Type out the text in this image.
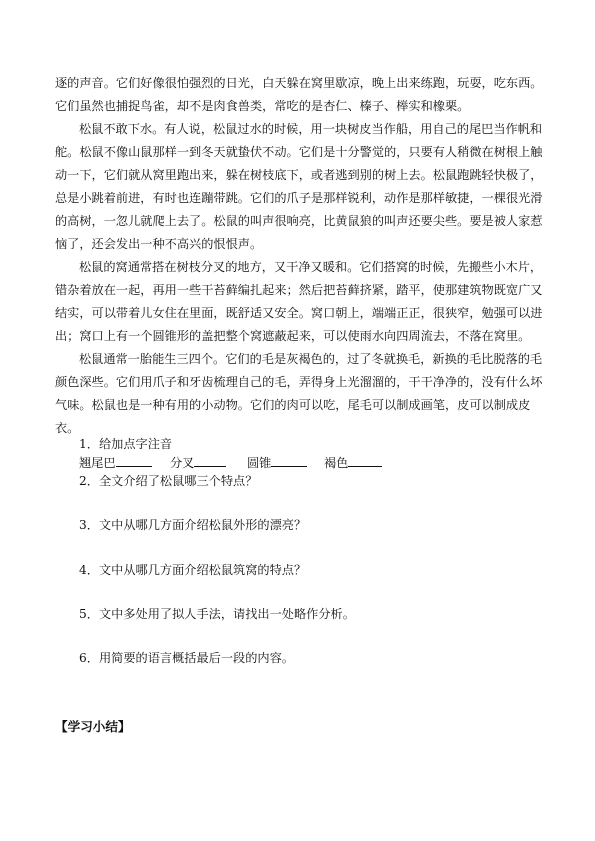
逐的声音。它们好像很怕强烈的日光，白天躲在窝里歇凉，晚上出来练跑，玩耍，吃东西。
它们虽然也捕捉鸟雀，却不是肉食兽类，常吃的是杏仁、榛子、榉实和橡栗。
松鼠不敢下水。有人说，松鼠过水的时候，用一块树皮当作船，用自己的尾巴当作帆和
舵。松鼠不像山鼠那样一到冬天就蛰伏不动。它们是十分警觉的，只要有人稍微在树根上触
动一下，它们就从窝里跑出来，躲在树枝底下，或者逃到别的树上去。松鼠跑跳轻快极了，
总是小跳着前进，有时也连蹦带跳。它们的爪子是那样锐利，动作是那样敏捷，一棵很光滑
的高树，一忽儿就爬上去了。松鼠的叫声很响亮，比黄鼠狼的叫声还要尖些。要是被人家惹
恼了，还会发出一种不高兴的恨恨声。
松鼠的窝通常搭在树枝分叉的地方，又干净又暖和。它们搭窝的时候，先搬些小木片，
错杂着放在一起，再用一些干苔藓编扎起来；然后把苔藓挤紧，踏平，使那建筑物既宽广又
结实，可以带着儿女住在里面，既舒适又安全。窝口朝上，端端正正，很狭窄，勉强可以进
出；窝口上有一个圆锥形的盖把整个窝遮蔽起来，可以使雨水向四周流去，不落在窝里。
松鼠通常一胎能生三四个。它们的毛是灰褐色的，过了冬就换毛，新换的毛比脱落的毛
颜色深些。它们用爪子和牙齿梳理自己的毛，弄得身上光溜溜的，干干净净的，没有什么坏
气味。松鼠也是一种有用的小动物。它们的肉可以吃，尾毛可以制成画笔，皮可以制成皮
衣。
1．给加点字注音
翘尾巴	分叉	圆锥	褐色
2．全文介绍了松鼠哪三个特点？
3．文中从哪几方面介绍松鼠外形的漂亮？
4．文中从哪几方面介绍松鼠筑窝的特点？
5．文中多处用了拟人手法，请找出一处略作分析。
6．用简要的语言概括最后一段的内容。
【学习小结】
